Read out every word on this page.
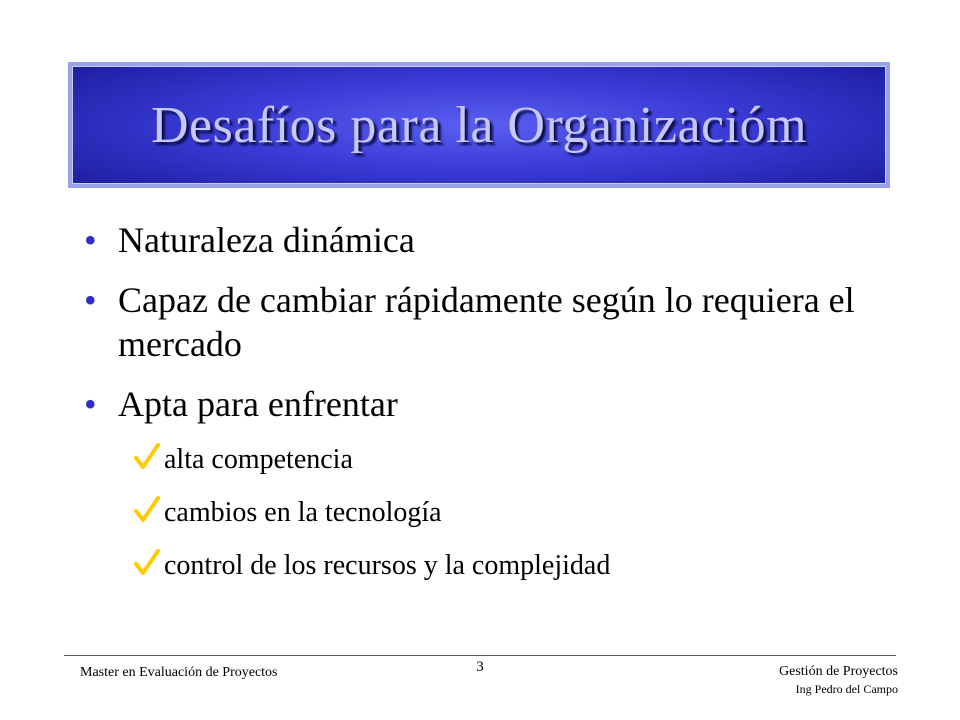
Desafíos para la Organizacióm
• Naturaleza dinámica
• Capaz de cambiar rápidamente según lo requiera el mercado
• Apta para enfrentar
alta competencia
cambios en la tecnología
control de los recursos y la complejidad
Master en Evaluación de Proyectos	3	Gestión de Proyectos
Ing Pedro del Campo
